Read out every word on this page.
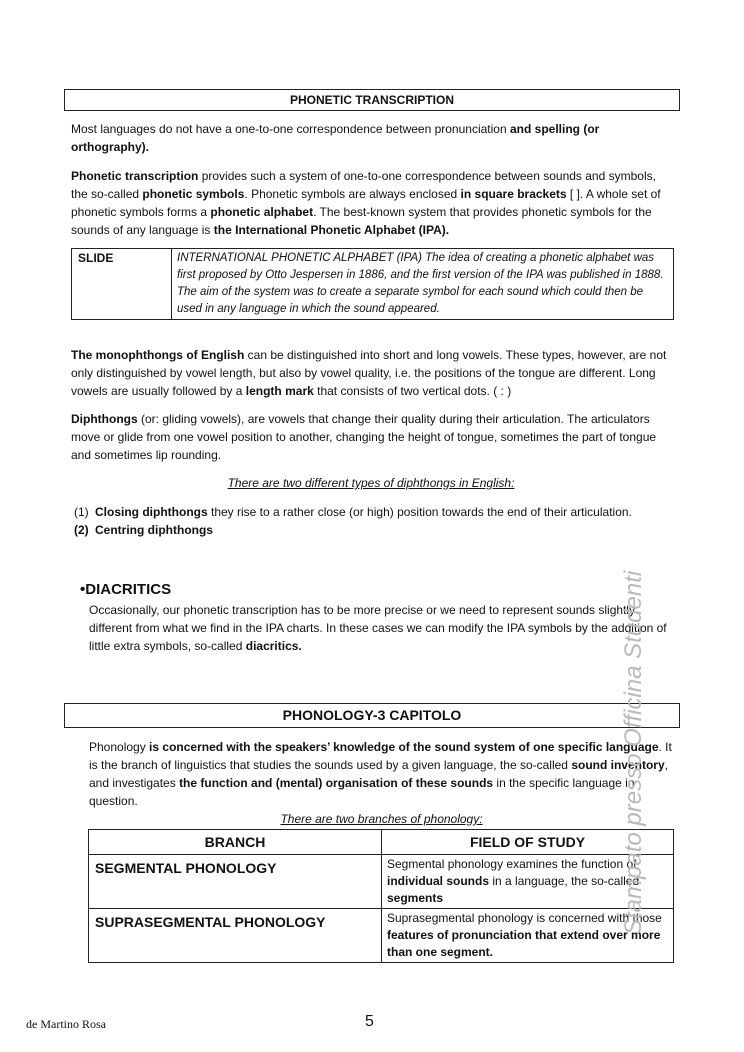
PHONETIC TRANSCRIPTION

Most languages do not have a one-to-one correspondence between pronunciation and spelling (or orthography).

Phonetic transcription provides such a system of one-to-one correspondence between sounds and symbols, the so-called phonetic symbols. Phonetic symbols are always enclosed in square brackets [ ]. A whole set of phonetic symbols forms a phonetic alphabet. The best-known system that provides phonetic symbols for the sounds of any language is the International Phonetic Alphabet (IPA).

SLIDE	INTERNATIONAL PHONETIC ALPHABET (IPA) The idea of creating a phonetic alphabet was first proposed by Otto Jespersen in 1886, and the first version of the IPA was published in 1888. The aim of the system was to create a separate symbol for each sound which could then be used in any language in which the sound appeared.

The monophthongs of English can be distinguished into short and long vowels. These types, however, are not only distinguished by vowel length, but also by vowel quality, i.e. the positions of the tongue are different. Long vowels are usually followed by a length mark that consists of two vertical dots. ( : )

Diphthongs (or: gliding vowels), are vowels that change their quality during their articulation. The articulators move or glide from one vowel position to another, changing the height of tongue, sometimes the part of tongue and sometimes lip rounding.

There are two different types of diphthongs in English:
(1) Closing diphthongs they rise to a rather close (or high) position towards the end of their articulation.
(2) Centring diphthongs
•DIACRITICS

Occasionally, our phonetic transcription has to be more precise or we need to represent sounds slightly different from what we find in the IPA charts. In these cases we can modify the IPA symbols by the addition of little extra symbols, so-called diacritics.

PHONOLOGY-3 CAPITOLO

Phonology is concerned with the speakers’ knowledge of the sound system of one specific language. It is the branch of linguistics that studies the sounds used by a given language, the so-called sound inventory, and investigates the function and (mental) organisation of these sounds in the specific language in question.

There are two branches of phonology:
BRANCH	FIELD OF STUDY
SEGMENTAL PHONOLOGY	Segmental phonology examines the function of individual sounds in a language, the so-called segments
SUPRASEGMENTAL PHONOLOGY	Suprasegmental phonology is concerned with those features of pronunciation that extend over more than one segment.
Stampato presso Officina Studenti
de Martino Rosa	5
